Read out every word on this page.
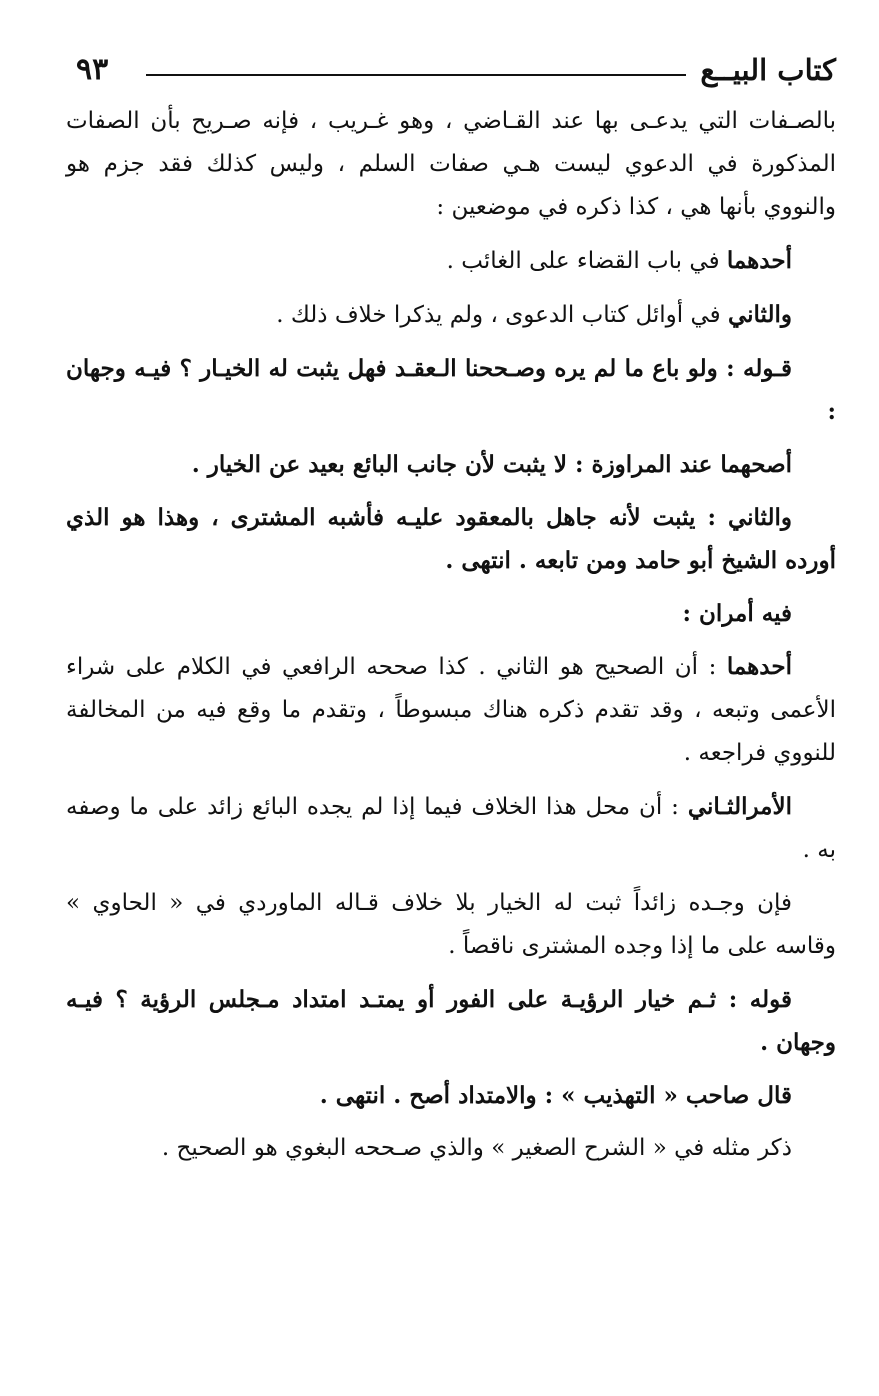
كتاب البيــع
٩٣

بالصـفات التي يدعـى بها عند القـاضي ، وهو غـريب ، فإنه صـريح بأن الصفات المذكورة في الدعوي ليست هـي صفات السلم ، وليس كذلك فقد جزم هو والنووي بأنها هي ، كذا ذكره في موضعين :

أحدهما في باب القضاء على الغائب .

والثاني في أوائل كتاب الدعوى ، ولم يذكرا خلاف ذلك .

قـوله : ولو باع ما لم يره وصـححنا الـعقـد فهل يثبت له الخيـار ؟ فيـه وجهان :

أصحهما عند المراوزة : لا يثبت لأن جانب البائع بعيد عن الخيار .

والثاني : يثبت لأنه جاهل بالمعقود عليـه فأشبه المشترى ، وهذا هو الذي أورده الشيخ أبو حامد ومن تابعه . انتهى .

فيه أمران :

أحدهما : أن الصحيح هو الثاني . كذا صححه الرافعي في الكلام على شراء الأعمى وتبعه ، وقد تقدم ذكره هناك مبسوطاً ، وتقدم ما وقع فيه من المخالفة للنووي فراجعه .

الأمرالثـاني : أن محل هذا الخلاف فيما إذا لم يجده البائع زائد على ما وصفه به .

فإن وجـده زائداً ثبت له الخيار بلا خلاف قـاله الماوردي في « الحاوي » وقاسه على ما إذا وجده المشترى ناقصاً .

قوله : ثـم خيار الرؤيـة على الفور أو يمتـد امتداد مـجلس الرؤية ؟ فيـه وجهان .

قال صاحب « التهذيب » : والامتداد أصح . انتهى .

ذكر مثله في « الشرح الصغير » والذي صـححه البغوي هو الصحيح .
